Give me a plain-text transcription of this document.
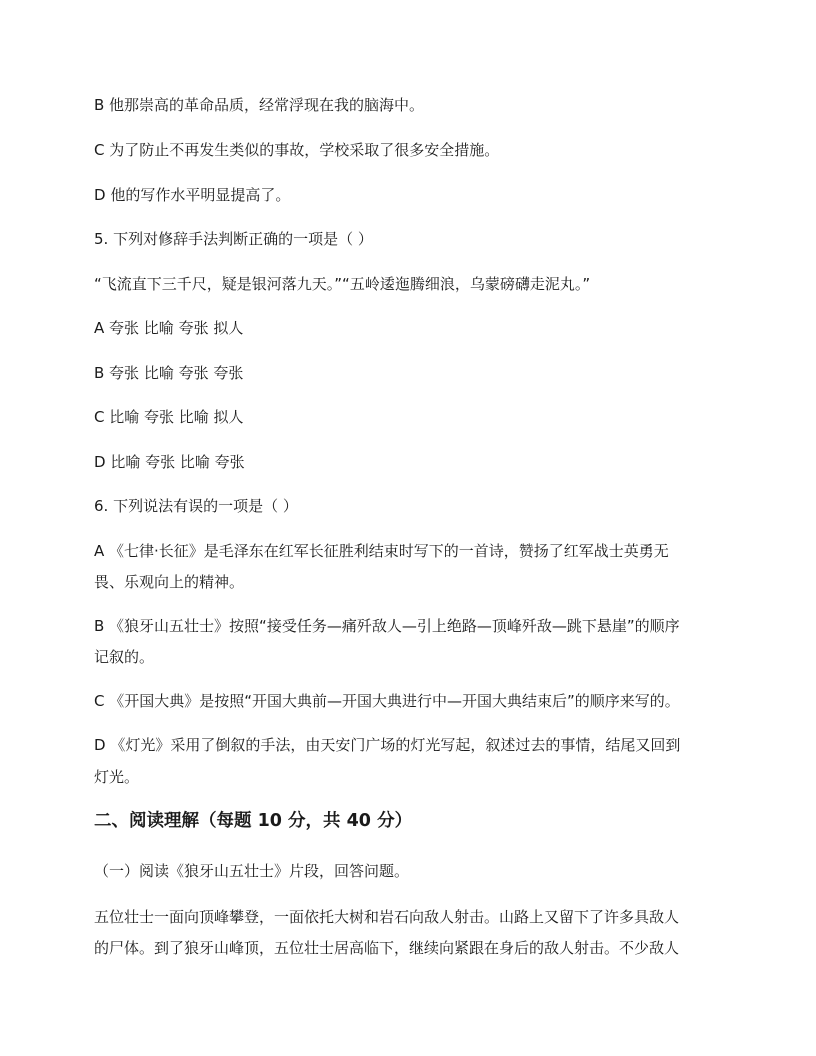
B 他那崇高的革命品质，经常浮现在我的脑海中。

C 为了防止不再发生类似的事故，学校采取了很多安全措施。

D 他的写作水平明显提高了。

5. 下列对修辞手法判断正确的一项是（ ）

“飞流直下三千尺，疑是银河落九天。”“五岭逶迤腾细浪，乌蒙磅礴走泥丸。”

A 夸张 比喻 夸张 拟人

B 夸张 比喻 夸张 夸张

C 比喻 夸张 比喻 拟人

D 比喻 夸张 比喻 夸张

6. 下列说法有误的一项是（ ）

A 《七律·长征》是毛泽东在红军长征胜利结束时写下的一首诗，赞扬了红军战士英勇无

畏、乐观向上的精神。

B 《狼牙山五壮士》按照“接受任务—痛歼敌人—引上绝路—顶峰歼敌—跳下悬崖”的顺序

记叙的。

C 《开国大典》是按照“开国大典前—开国大典进行中—开国大典结束后”的顺序来写的。

D 《灯光》采用了倒叙的手法，由天安门广场的灯光写起，叙述过去的事情，结尾又回到

灯光。

二、阅读理解（每题 10 分，共 40 分）

（一）阅读《狼牙山五壮士》片段，回答问题。

五位壮士一面向顶峰攀登，一面依托大树和岩石向敌人射击。山路上又留下了许多具敌人

的尸体。到了狼牙山峰顶，五位壮士居高临下，继续向紧跟在身后的敌人射击。不少敌人
